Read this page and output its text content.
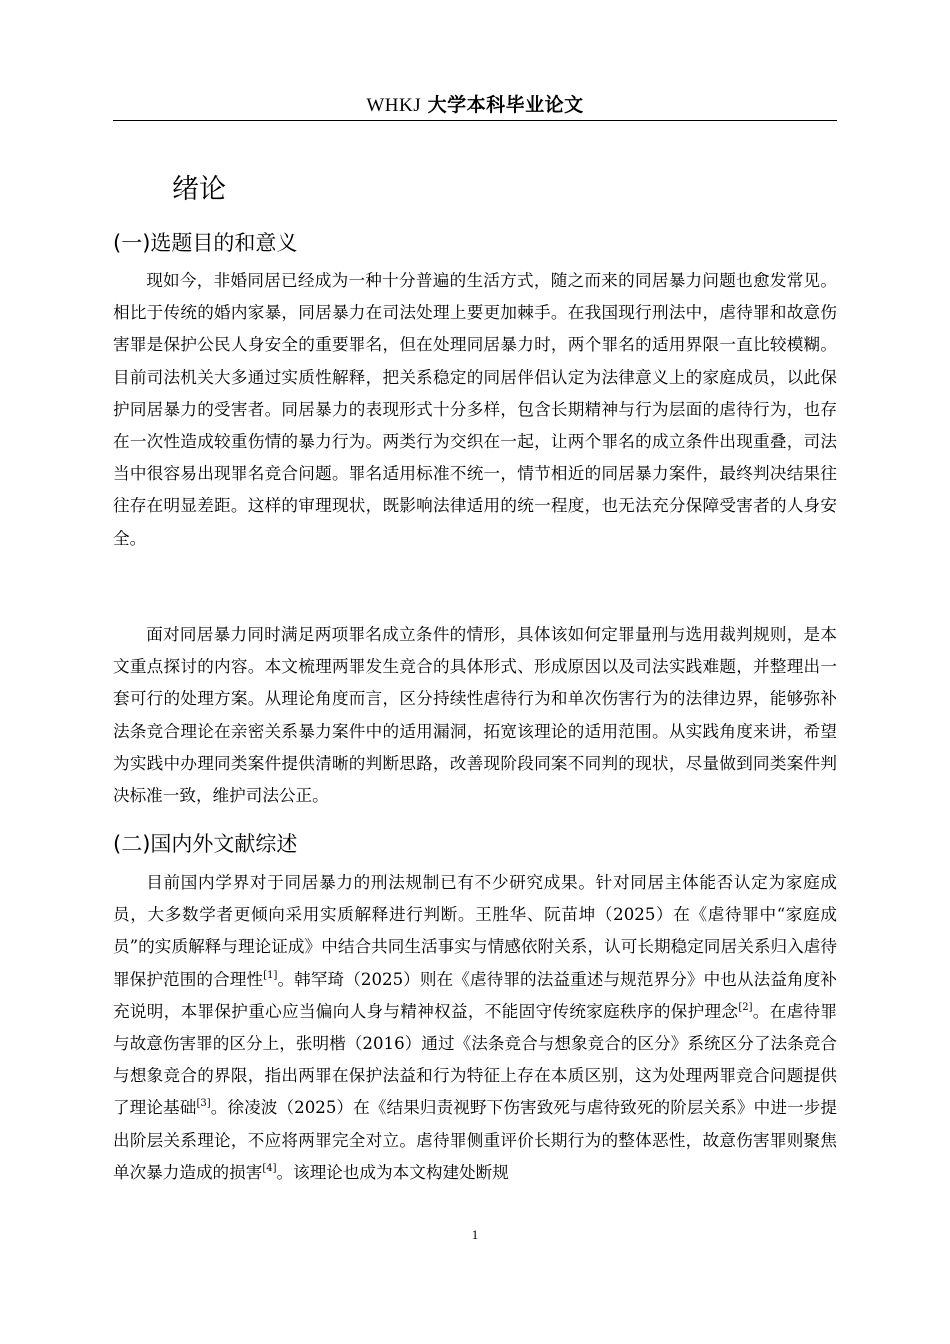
WHKJ 大学本科毕业论文
绪论
(一)选题目的和意义
现如今，非婚同居已经成为一种十分普遍的生活方式，随之而来的同居暴力问题也愈发常见。相比于传统的婚内家暴，同居暴力在司法处理上要更加棘手。在我国现行刑法中，虐待罪和故意伤害罪是保护公民人身安全的重要罪名，但在处理同居暴力时，两个罪名的适用界限一直比较模糊。目前司法机关大多通过实质性解释，把关系稳定的同居伴侣认定为法律意义上的家庭成员，以此保护同居暴力的受害者。同居暴力的表现形式十分多样，包含长期精神与行为层面的虐待行为，也存在一次性造成较重伤情的暴力行为。两类行为交织在一起，让两个罪名的成立条件出现重叠，司法当中很容易出现罪名竞合问题。罪名适用标准不统一，情节相近的同居暴力案件，最终判决结果往往存在明显差距。这样的审理现状，既影响法律适用的统一程度，也无法充分保障受害者的人身安全。
面对同居暴力同时满足两项罪名成立条件的情形，具体该如何定罪量刑与选用裁判规则，是本文重点探讨的内容。本文梳理两罪发生竞合的具体形式、形成原因以及司法实践难题，并整理出一套可行的处理方案。从理论角度而言，区分持续性虐待行为和单次伤害行为的法律边界，能够弥补法条竞合理论在亲密关系暴力案件中的适用漏洞，拓宽该理论的适用范围。从实践角度来讲，希望为实践中办理同类案件提供清晰的判断思路，改善现阶段同案不同判的现状，尽量做到同类案件判决标准一致，维护司法公正。
(二)国内外文献综述
目前国内学界对于同居暴力的刑法规制已有不少研究成果。针对同居主体能否认定为家庭成员，大多数学者更倾向采用实质解释进行判断。王胜华、阮苗坤（2025）在《虐待罪中“家庭成员”的实质解释与理论证成》中结合共同生活事实与情感依附关系，认可长期稳定同居关系归入虐待罪保护范围的合理性[1]。韩罕琦（2025）则在《虐待罪的法益重述与规范界分》中也从法益角度补充说明，本罪保护重心应当偏向人身与精神权益，不能固守传统家庭秩序的保护理念[2]。在虐待罪与故意伤害罪的区分上，张明楷（2016）通过《法条竞合与想象竞合的区分》系统区分了法条竞合与想象竞合的界限，指出两罪在保护法益和行为特征上存在本质区别，这为处理两罪竞合问题提供了理论基础[3]。徐凌波（2025）在《结果归责视野下伤害致死与虐待致死的阶层关系》中进一步提出阶层关系理论，不应将两罪完全对立。虐待罪侧重评价长期行为的整体恶性，故意伤害罪则聚焦单次暴力造成的损害[4]。该理论也成为本文构建处断规
1
